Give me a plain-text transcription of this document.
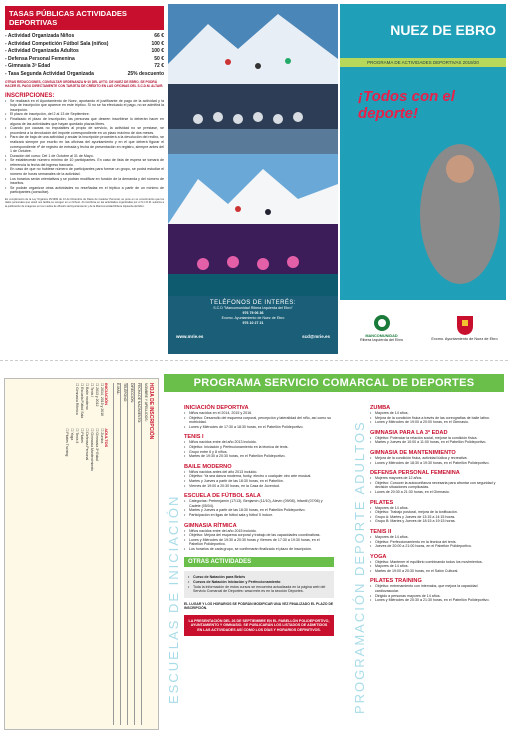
TASAS PÚBLICAS ACTIVIDADES DEPORTIVAS
- Actividad Organizada Niños	66 €
- Actividad Competición Fútbol Sala (niños)	100 €
- Actividad Organizada Adultos	100 €
- Defensa Personal Femenina	50 €
- Gimnasia 3ª Edad	72 €
- Tasa Segunda Actividad Organizada	25% descuento
OTRAS REDUCCIONES, CONSULTAR ORDENANZA Nº10 DEL AYTO. DE NUEZ DE EBRO. SE PODRÁ HACER EL PAGO DIRECTAMENTE CON TARJETA DE CRÉDITO EN LAS OFICINAS DEL S.C.D.M. ALTAIR.
INSCRIPCIONES:
• Se realizará en el Ayuntamiento de Nuez, aportando el justificante de pago de la actividad y la hoja de inscripción que aparece en este tríptico. Si no se ha efectuado el pago, no se admitirá la inscripción.
• El plazo de inscripción, del 2 al 13 de Septiembre.
• Finalizado el plazo de inscripción, las personas que deseen inscribirse lo deberán hacer en alguna de las actividades que hayan quedado plazas libres.
• Cuando por causas no imputables al propio de servicio, la actividad no se prestase, se procederá a la devolución del importe correspondiente en un plazo máximo de dos meses.
• Para dar de baja de una actividad y anular la inscripción procederá a la devolución del recibo, se realizará siempre por escrito en las oficinas del ayuntamiento y en el que deberá figurar el correspondiente nº de registro de entrada y fecha de presentación en registro, siempre antes del 1 de Octubre.
• Duración del curso: Del 1 de Octubre al 31 de Mayo.
• Se establecerán número mínimo de 10 participantes. En caso de lista de espera se tomará de referencia la fecha del ingreso bancario.
• En caso de que no hubiese número de participantes para formar un grupo, se podrá estudiar el número de horas semanales de la actividad.
• Los horarios serán orientativos y se podrán modificar en función de la demanda y del número de inscritos.
• Se podrán organizar otras actividades no reseñadas en el tríptico a partir de un mínimo de participantes (consultar).
En cumplimiento de la Ley Orgánica 15/1999 de 13 de Diciembre de Datos de Carácter Personal, se pone en su conocimiento que los datos personales que usted nos facilita se recogen en un fichero. Al inscribirse en las actividades organizadas por el S.C.D.M. autoriza a la publicación de imágenes en los medios de difusión del Ayuntamiento y de la Mancomunidad Ribera Izquierda del Ebro.
TELÉFONOS DE INTERÉS:
S.C.D "Mancomunidad Ribera Izquierda del Ebro"
976 79 06 36
Excmo. Ayuntamiento de Nuez de Ebro
976 10 27 21
www.mrie.es	scd@mrie.es
NUEZ DE EBRO
PROGRAMA DE ACTIVIDADES DEPORTIVAS 2019/20
¡Todos con el deporte!
MANCOMUNIDAD
Ribera Izquierda del Ebro	Excmo. Ayuntamiento de Nuez de Ebro
HOJA DE INSCRIPCIÓN
NOMBRE Y APELLIDOS:
FECHA DE NACIMIENTO:
DIRECCIÓN:
TELÉFONO:
E-MAIL:
INICIACIÓN
☐ 2014, 2015 y 2016
☐ 2013 y 2012
☐ Tenis I
☐ Baile moderno
☐ Escuela Fútbol Sala
☐ Gimnasia Rítmica
ADULTOS
☐ Zumba
☐ Gimnasia 3ª Edad
☐ Gimnasia Mantenimiento
☐ Defensa Personal
☐ Pilates
☐ Tenis II
☐ Yoga
☐ Pilates Training
PROGRAMA SERVICIO COMARCAL DE DEPORTES
ESCUELAS DE INICIACIÓN	PROGRAMACIÓN DEPORTE ADULTOS
INICIACIÓN DEPORTIVA
• Niños nacidos en el 2014, 2015 y 2016.
• Objetivo: Desarrollo del esquema corporal, percepción y lateralidad del niño, así como su motricidad.
• Lunes y Miércoles de 17:30 a 18:30 horas, en el Pabellón Polideportivo.
TENIS I
• Niños nacidos entre del año 2013 incluido.
• Objetivo: Iniciación y Perfeccionamiento en la técnica de tenis.
• Grupo entre 6 y 8 niños.
• Martes de 19:30 a 20:30 horas, en el Pabellón Polideportivo.
BAILE MODERNO
• Niños nacidos antes del año 2013 incluido.
• Objetivo: Ya sea danza moderna, funky, electro o cualquier otro arte musical.
• Martes y Jueves a partir de las 18:30 horas, en el Pabellón.
• Viernes de 19:00 a 20:30 horas, en la Casa de Juventud.
ESCUELA DE FÚTBOL SALA
• Categorías: Prebenjamín (17/13), Benjamín (11/10), Alevín (09/08), Infantil (07/06) y Cadete (05/04).
• Martes y Jueves a partir de las 18:30 horas, en el Pabellón Polideportivo.
• Participación en ligas de fútbol sala y fútbol 5 indoor.
GIMNASIA RÍTMICA
• Niños nacidos entre del año 2015 incluido.
• Objetivo: Mejora del esquema corporal y trabajo de las capacidades coordinativas.
• Lunes y Miércoles de 19:30 a 20:30 horas y Viernes de 17:30 a 19:30 horas, en el Pabellón Polideportivo.
• Los horarios de cada grupo, se confirmarán finalizado el plazo de inscripción.
OTRAS ACTIVIDADES
• Curso de Natación para Bebés
• Cursos de Natación Iniciación y Perfeccionamiento
• Toda la información de estos cursos se encuentra actualizada en la página web del Servicio Comarcal de Deportes: www.mrie.es en la sección Deportes.
EL LUGAR Y LOS HORARIOS SE PODRÁN MODIFICAR UNA VEZ FINALIZADO EL PLAZO DE INSCRIPCIÓN.
LA PRESENTACIÓN DEL 26 DE SEPTIEMBRE EN EL PABELLÓN POLIDEPORTIVO, AYUNTAMIENTO Y GIMNASIO. SE PUBLICARÁN LOS LISTADOS DE ADMITIDOS EN LAS ACTIVIDADES ASÍ COMO LOS DÍAS Y HORARIOS DEFINITIVOS.
ZUMBA
• Mayores de 14 años.
• Mejora de la condición física a través de las coreografías de baile latino.
• Lunes y Miércoles de 19:00 a 20:00 horas, en el Gimnasio.
GIMNASIA PARA LA 3ª EDAD
• Objetivo: Potenciar la relación social, mejorar la condición física.
• Martes y Jueves de 10:00 a 11:00 horas, en el Pabellón Polideportivo.
GIMNASIA DE MANTENIMIENTO
• Mejora de la condición física, actividad lúdica y recreativa.
• Lunes y Miércoles de 18:30 a 19:30 horas, en el Pabellón Polideportivo.
DEFENSA PERSONAL FEMENINA
• Mujeres mayores de 12 años.
• Objetivo: Conocer la autoconfianza necesaria para afrontar con seguridad y decisión situaciones complicadas.
• Lunes de 20:30 a 21:30 horas, en el Gimnasio.
PILATES
• Mayores de 14 años.
• Objetivo: Trabajo postural, mejora de la tonificación.
• Grupo A: Martes y Jueves de 13:15 a 14:15 horas.
• Grupo B: Martes y Jueves de 18:15 a 19:15 horas.
TENIS II
• Mayores de 14 años.
• Objetivo: Perfeccionamiento en la técnica del tenis.
• Jueves de 20:00 a 21:00 horas, en el Pabellón Polideportivo.
YOGA
• Objetivo: Mantener el equilibrio combinando todos los movimientos.
• Mayores de 14 años.
• Martes de 19:00 a 20:30 horas, en el Salón Cultural.
PILATES TRAINING
• Objetivo: entrenamiento con intervalos, que mejora la capacidad cardiovascular.
• Dirigido a personas mayores de 14 años.
• Lunes y Miércoles de 20:30 a 21:30 horas, en el Pabellón Polideportivo.
